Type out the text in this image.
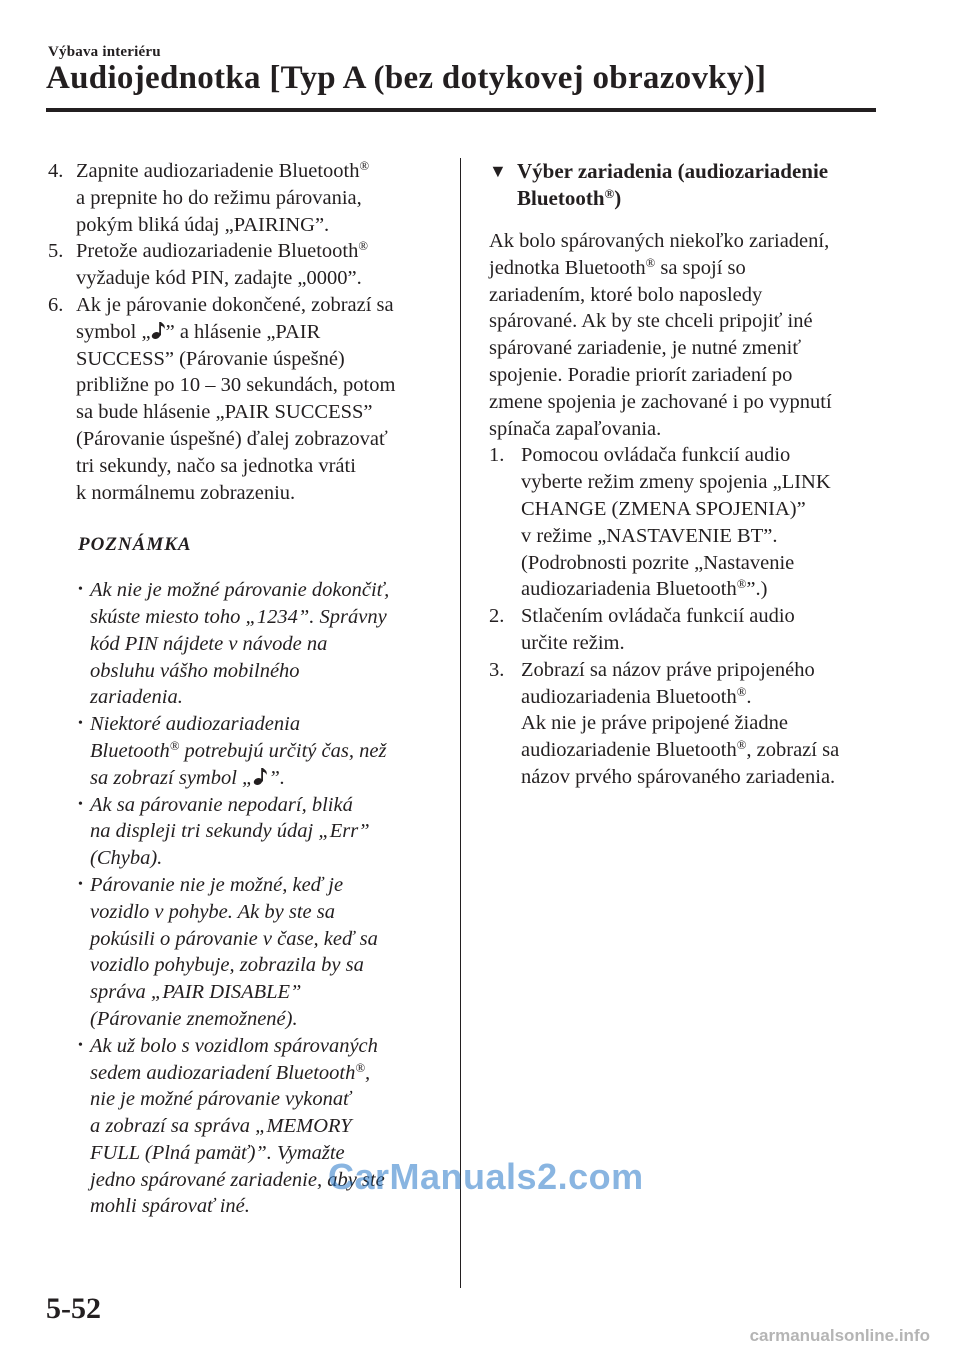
Výbava interiéru
Audiojednotka [Typ A (bez dotykovej obrazovky)]
4. Zapnite audiozariadenie Bluetooth®
a prepnite ho do režimu párovania,
pokým bliká údaj „PAIRING”.
5. Pretože audiozariadenie Bluetooth®
vyžaduje kód PIN, zadajte „0000”.
6. Ak je párovanie dokončené, zobrazí sa
symbol „ ” a hlásenie „PAIR
SUCCESS” (Párovanie úspešné)
približne po 10 – 30 sekundách, potom
sa bude hlásenie „PAIR SUCCESS”
(Párovanie úspešné) ďalej zobrazovať
tri sekundy, načo sa jednotka vráti
k normálnemu zobrazeniu.
POZNÁMKA
• Ak nie je možné párovanie dokončiť,
skúste miesto toho „1234”. Správny
kód PIN nájdete v návode na
obsluhu vášho mobilného
zariadenia.
• Niektoré audiozariadenia
Bluetooth® potrebujú určitý čas, než
sa zobrazí symbol „ ”.
• Ak sa párovanie nepodarí, bliká
na displeji tri sekundy údaj „Err”
(Chyba).
• Párovanie nie je možné, keď je
vozidlo v pohybe. Ak by ste sa
pokúsili o párovanie v čase, keď sa
vozidlo pohybuje, zobrazila by sa
správa „PAIR DISABLE”
(Párovanie znemožnené).
• Ak už bolo s vozidlom spárovaných
sedem audiozariadení Bluetooth®,
nie je možné párovanie vykonať
a zobrazí sa správa „MEMORY
FULL (Plná pamäť)”. Vymažte
jedno spárované zariadenie, aby ste
mohli spárovať iné.
▼ Výber zariadenia (audiozariadenie
Bluetooth®)
Ak bolo spárovaných niekoľko zariadení,
jednotka Bluetooth® sa spojí so
zariadením, ktoré bolo naposledy
spárované. Ak by ste chceli pripojiť iné
spárované zariadenie, je nutné zmeniť
spojenie. Poradie priorít zariadení po
zmene spojenia je zachované i po vypnutí
spínača zapaľovania.
1. Pomocou ovládača funkcií audio
vyberte režim zmeny spojenia „LINK
CHANGE (ZMENA SPOJENIA)”
v režime „NASTAVENIE BT”.
(Podrobnosti pozrite „Nastavenie
audiozariadenia Bluetooth®”.)
2. Stlačením ovládača funkcií audio
určite režim.
3. Zobrazí sa názov práve pripojeného
audiozariadenia Bluetooth®.
Ak nie je práve pripojené žiadne
audiozariadenie Bluetooth®, zobrazí sa
názov prvého spárovaného zariadenia.
5-52
CarManuals2.com
carmanualsonline.info
